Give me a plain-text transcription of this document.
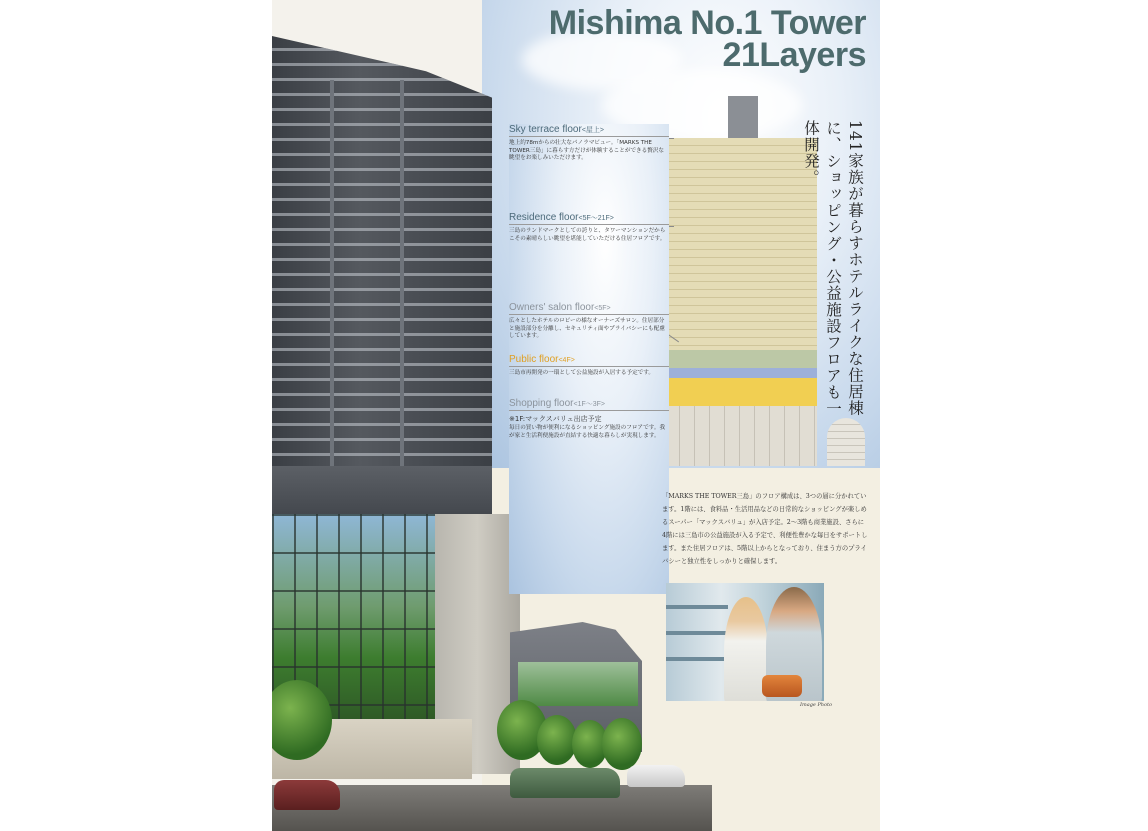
Mishima No.1 Tower
21Layers

Sky terrace floor<屋上>

地上約78mからの壮大なパノラマビュー。「MARKS THE TOWER三島」に暮らす方だけが体験することができる贅沢な眺望をお楽しみいただけます。

Residence floor<5F～21F>

三島のランドマークとしての誇りと、タワーマンションだからこその素晴らしい眺望を堪能していただける住居フロアです。

Owners' salon floor<5F>

広々としたホテルのロビーの様なオーナーズサロン。住居部分と施設部分を分離し、セキュリティ面やプライバシーにも配慮しています。

Public floor<4F>

三島市再開発の一環として公益施設が入居する予定です。

Shopping floor<1F～3F>

※1F:マックスバリュ出店予定

毎日の買い物が便利になるショッピング施設のフロアです。我が家と生活利便施設が直結する快適な暮らしが実現します。

141家族が暮らすホテルライクな住居棟に、ショッピング・公益施設フロアも一体開発。

「MARKS THE TOWER三島」のフロア構成は、3つの層に分かれています。1階には、食料品・生活用品などの日常的なショッピングが楽しめるスーパー「マックスバリュ」が入店予定。2～3階も商業施設、さらに4階には三島市の公益施設が入る予定で、利便性豊かな毎日をサポートします。また住居フロアは、5階以上からとなっており、住まう方のプライバシーと独立性をしっかりと確保します。

Image Photo
